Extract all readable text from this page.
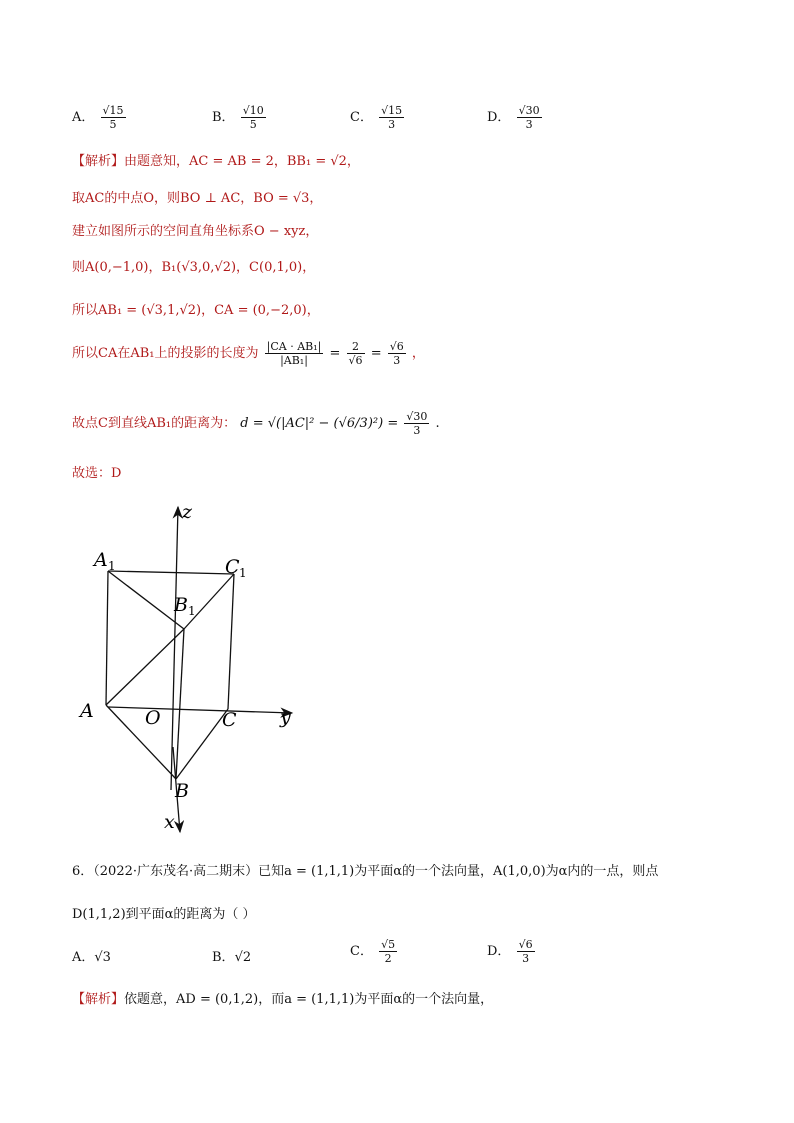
A． $\frac{√15}{5}$	B． $\frac{√10}{5}$	C． $\frac{√15}{3}$	D． $\frac{√30}{3}$
【解析】由题意知，AC = AB = 2，BB₁ = √2，
取AC的中点O，则BO ⊥ AC，BO = √3，
建立如图所示的空间直角坐标系O − xyz，
则A(0,−1,0)，B₁(√3,0,√2)，C(0,1,0)，
所以AB₁ = (√3,1,√2)，CA = (0,−2,0)，
所以CA在AB₁上的投影的长度为 $\frac{\text{|CA · AB₁|}}{\text{|AB₁|}} = \frac{2}{√6} = \frac{√6}{3}$ ，
故点C到直线AB₁的距离为： $d = √(|AC|^2 - (√6/3)^2) = \frac{√30}{3}$ .
故选：D
z
y
x
A 1	C 1
B 1
A	O	C
B
6．（2022·广东茂名·高二期末）已知a = (1,1,1)为平面α的一个法向量，A(1,0,0)为α内的一点，则点
D(1,1,2)到平面α的距离为（ ）
A．√3	B．√2	C． $\frac{√5}{2}$	D． $\frac{√6}{3}$
【解析】依题意，AD = (0,1,2)，而a = (1,1,1)为平面α的一个法向量，
